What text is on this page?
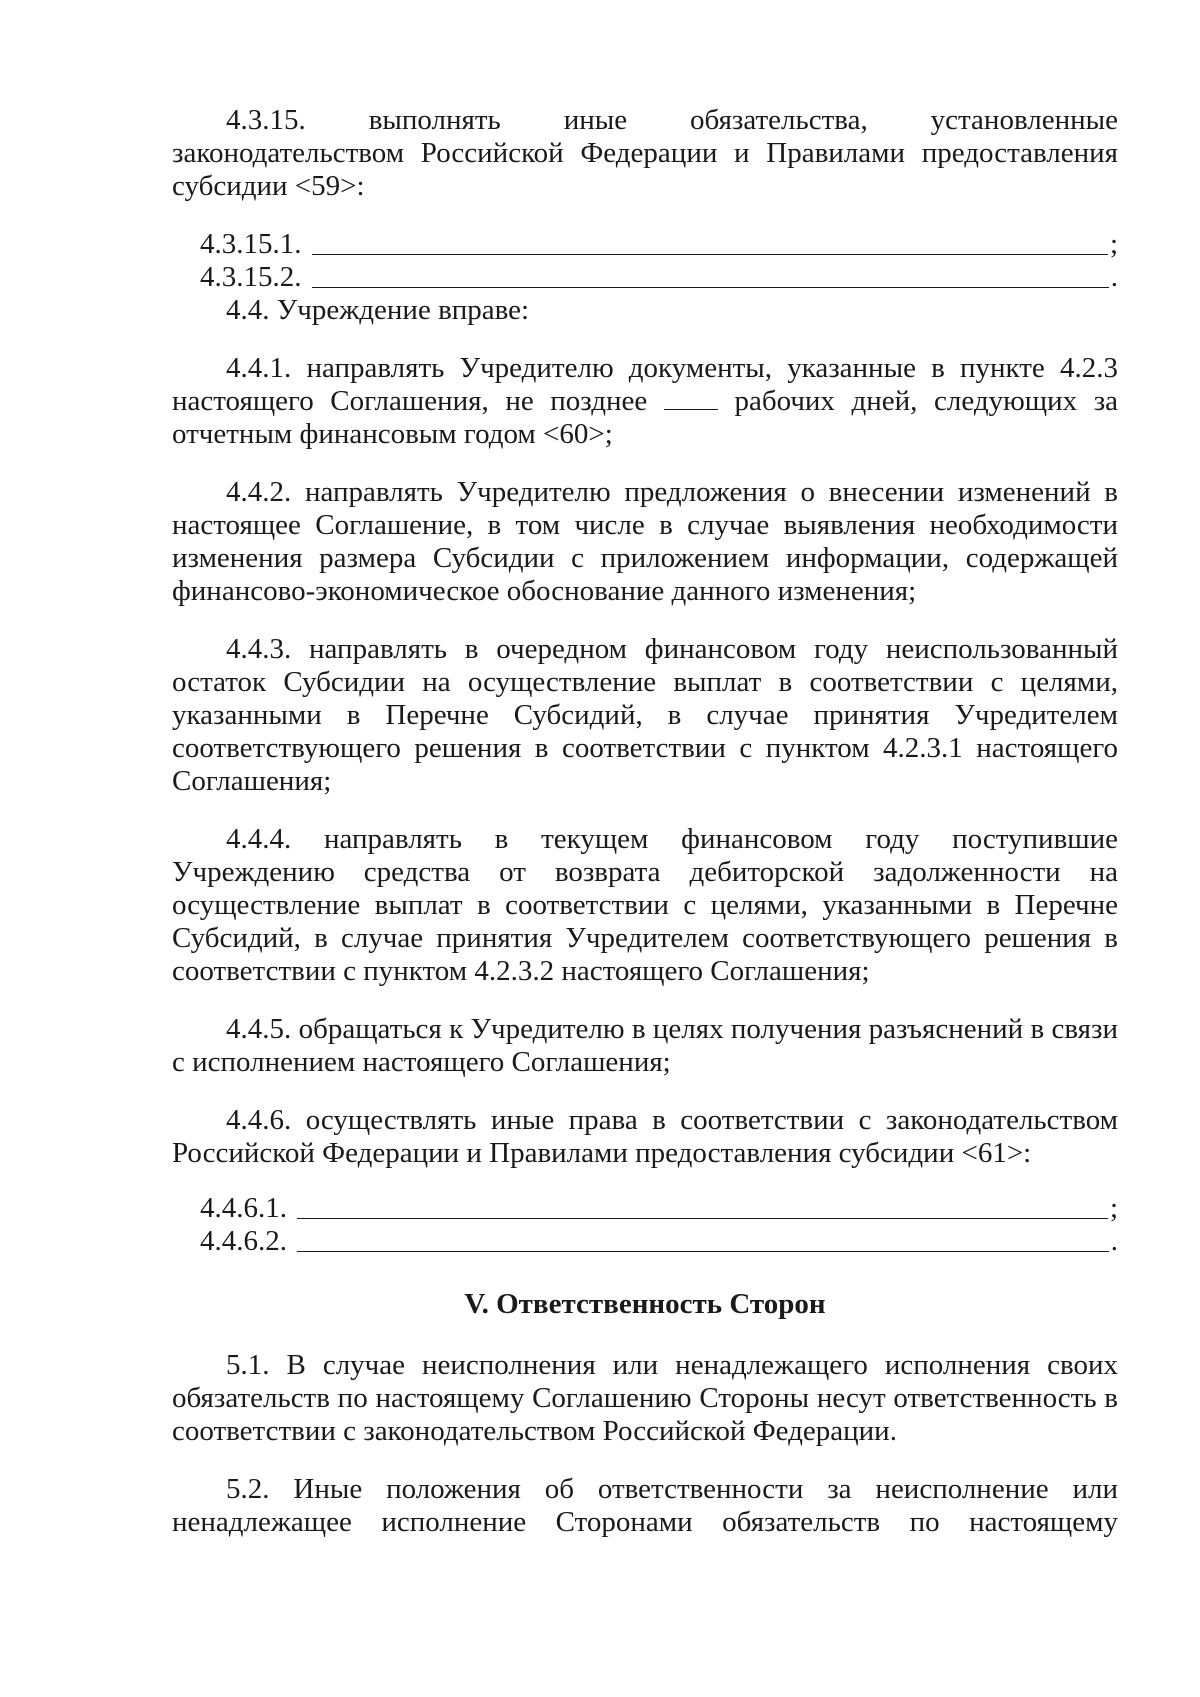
4.3.15. выполнять иные обязательства, установленные законодательством Российской Федерации и Правилами предоставления субсидии <59>:

4.3.15.1.	;
4.3.15.2.	.

4.4. Учреждение вправе:

4.4.1. направлять Учредителю документы, указанные в пункте 4.2.3 настоящего Соглашения, не позднее	рабочих дней, следующих за отчетным финансовым годом <60>;

4.4.2. направлять Учредителю предложения о внесении изменений в настоящее Соглашение, в том числе в случае выявления необходимости изменения размера Субсидии с приложением информации, содержащей финансово-экономическое обоснование данного изменения;

4.4.3. направлять в очередном финансовом году неиспользованный остаток Субсидии на осуществление выплат в соответствии с целями, указанными в Перечне Субсидий, в случае принятия Учредителем соответствующего решения в соответствии с пунктом 4.2.3.1 настоящего Соглашения;

4.4.4. направлять в текущем финансовом году поступившие Учреждению средства от возврата дебиторской задолженности на осуществление выплат в соответствии с целями, указанными в Перечне Субсидий, в случае принятия Учредителем соответствующего решения в соответствии с пунктом 4.2.3.2 настоящего Соглашения;

4.4.5. обращаться к Учредителю в целях получения разъяснений в связи с исполнением настоящего Соглашения;

4.4.6. осуществлять иные права в соответствии с законодательством Российской Федерации и Правилами предоставления субсидии <61>:

4.4.6.1.	;
4.4.6.2.	.
V. Ответственность Сторон

5.1. В случае неисполнения или ненадлежащего исполнения своих обязательств по настоящему Соглашению Стороны несут ответственность в соответствии с законодательством Российской Федерации.

5.2. Иные положения об ответственности за неисполнение или ненадлежащее исполнение Сторонами обязательств по настоящему
